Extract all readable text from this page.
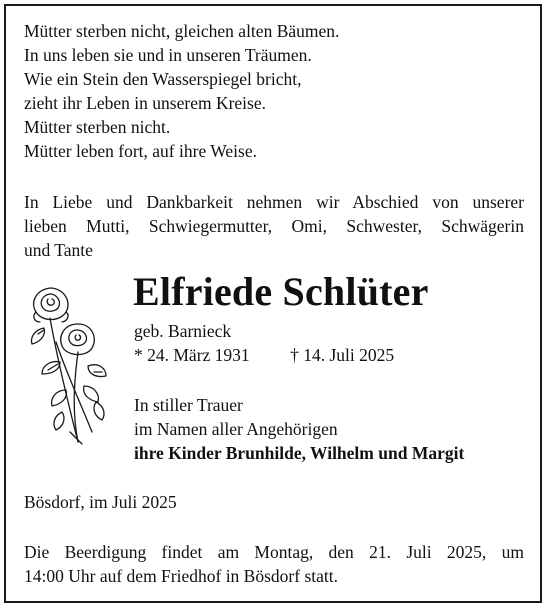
Mütter sterben nicht, gleichen alten Bäumen.
In uns leben sie und in unseren Träumen.
Wie ein Stein den Wasserspiegel bricht,
zieht ihr Leben in unserem Kreise.
Mütter sterben nicht.
Mütter leben fort, auf ihre Weise.
In Liebe und Dankbarkeit nehmen wir Abschied von unserer
lieben Mutti, Schwiegermutter, Omi, Schwester, Schwägerin
und Tante
Elfriede Schlüter
geb. Barnieck
* 24. März 1931 † 14. Juli 2025
In stiller Trauer
im Namen aller Angehörigen
ihre Kinder Brunhilde, Wilhelm und Margit
Bösdorf, im Juli 2025
Die Beerdigung findet am Montag, den 21. Juli 2025, um
14:00 Uhr auf dem Friedhof in Bösdorf statt.
